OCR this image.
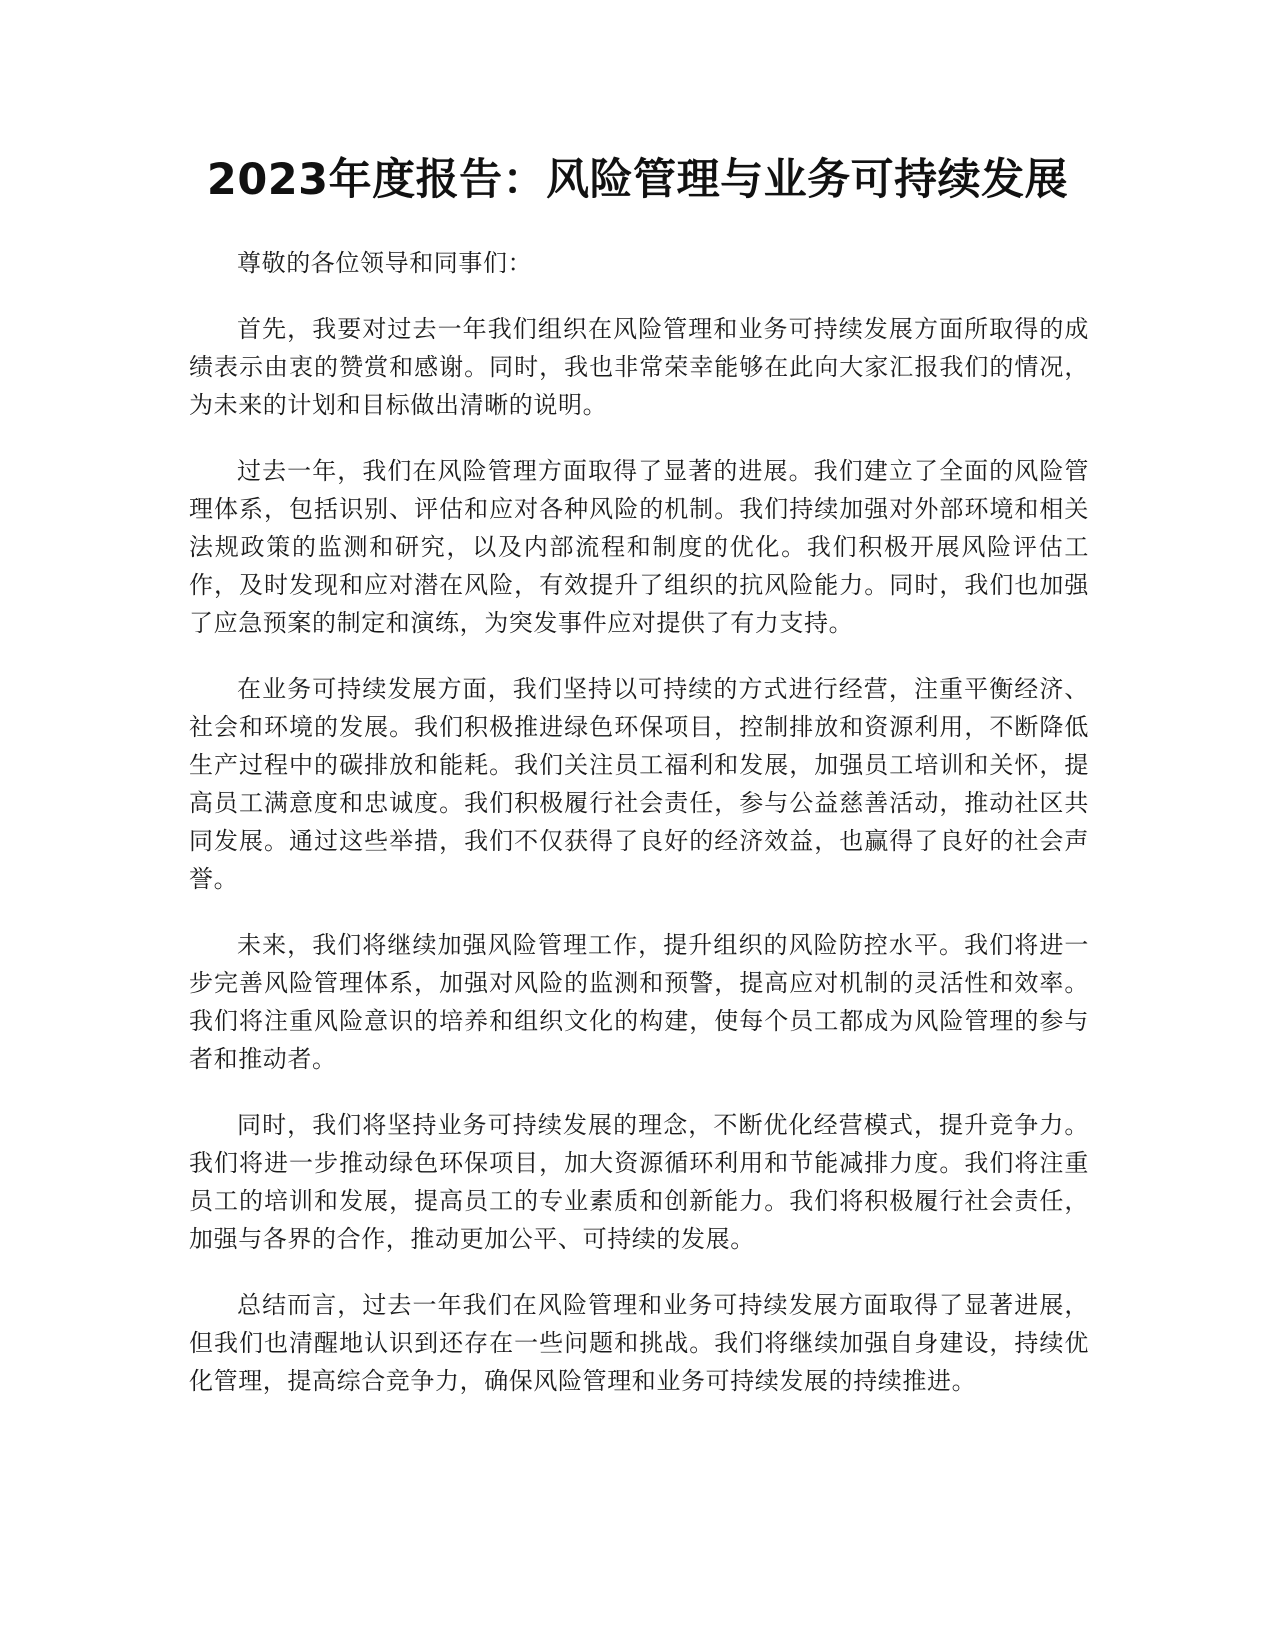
2023年度报告：风险管理与业务可持续发展

尊敬的各位领导和同事们：

首先，我要对过去一年我们组织在风险管理和业务可持续发展方面所取得的成绩表示由衷的赞赏和感谢。同时，我也非常荣幸能够在此向大家汇报我们的情况，为未来的计划和目标做出清晰的说明。

过去一年，我们在风险管理方面取得了显著的进展。我们建立了全面的风险管理体系，包括识别、评估和应对各种风险的机制。我们持续加强对外部环境和相关法规政策的监测和研究，以及内部流程和制度的优化。我们积极开展风险评估工作，及时发现和应对潜在风险，有效提升了组织的抗风险能力。同时，我们也加强了应急预案的制定和演练，为突发事件应对提供了有力支持。

在业务可持续发展方面，我们坚持以可持续的方式进行经营，注重平衡经济、社会和环境的发展。我们积极推进绿色环保项目，控制排放和资源利用，不断降低生产过程中的碳排放和能耗。我们关注员工福利和发展，加强员工培训和关怀，提高员工满意度和忠诚度。我们积极履行社会责任，参与公益慈善活动，推动社区共同发展。通过这些举措，我们不仅获得了良好的经济效益，也赢得了良好的社会声誉。

未来，我们将继续加强风险管理工作，提升组织的风险防控水平。我们将进一步完善风险管理体系，加强对风险的监测和预警，提高应对机制的灵活性和效率。我们将注重风险意识的培养和组织文化的构建，使每个员工都成为风险管理的参与者和推动者。

同时，我们将坚持业务可持续发展的理念，不断优化经营模式，提升竞争力。我们将进一步推动绿色环保项目，加大资源循环利用和节能减排力度。我们将注重员工的培训和发展，提高员工的专业素质和创新能力。我们将积极履行社会责任，加强与各界的合作，推动更加公平、可持续的发展。

总结而言，过去一年我们在风险管理和业务可持续发展方面取得了显著进展，但我们也清醒地认识到还存在一些问题和挑战。我们将继续加强自身建设，持续优化管理，提高综合竞争力，确保风险管理和业务可持续发展的持续推进。
